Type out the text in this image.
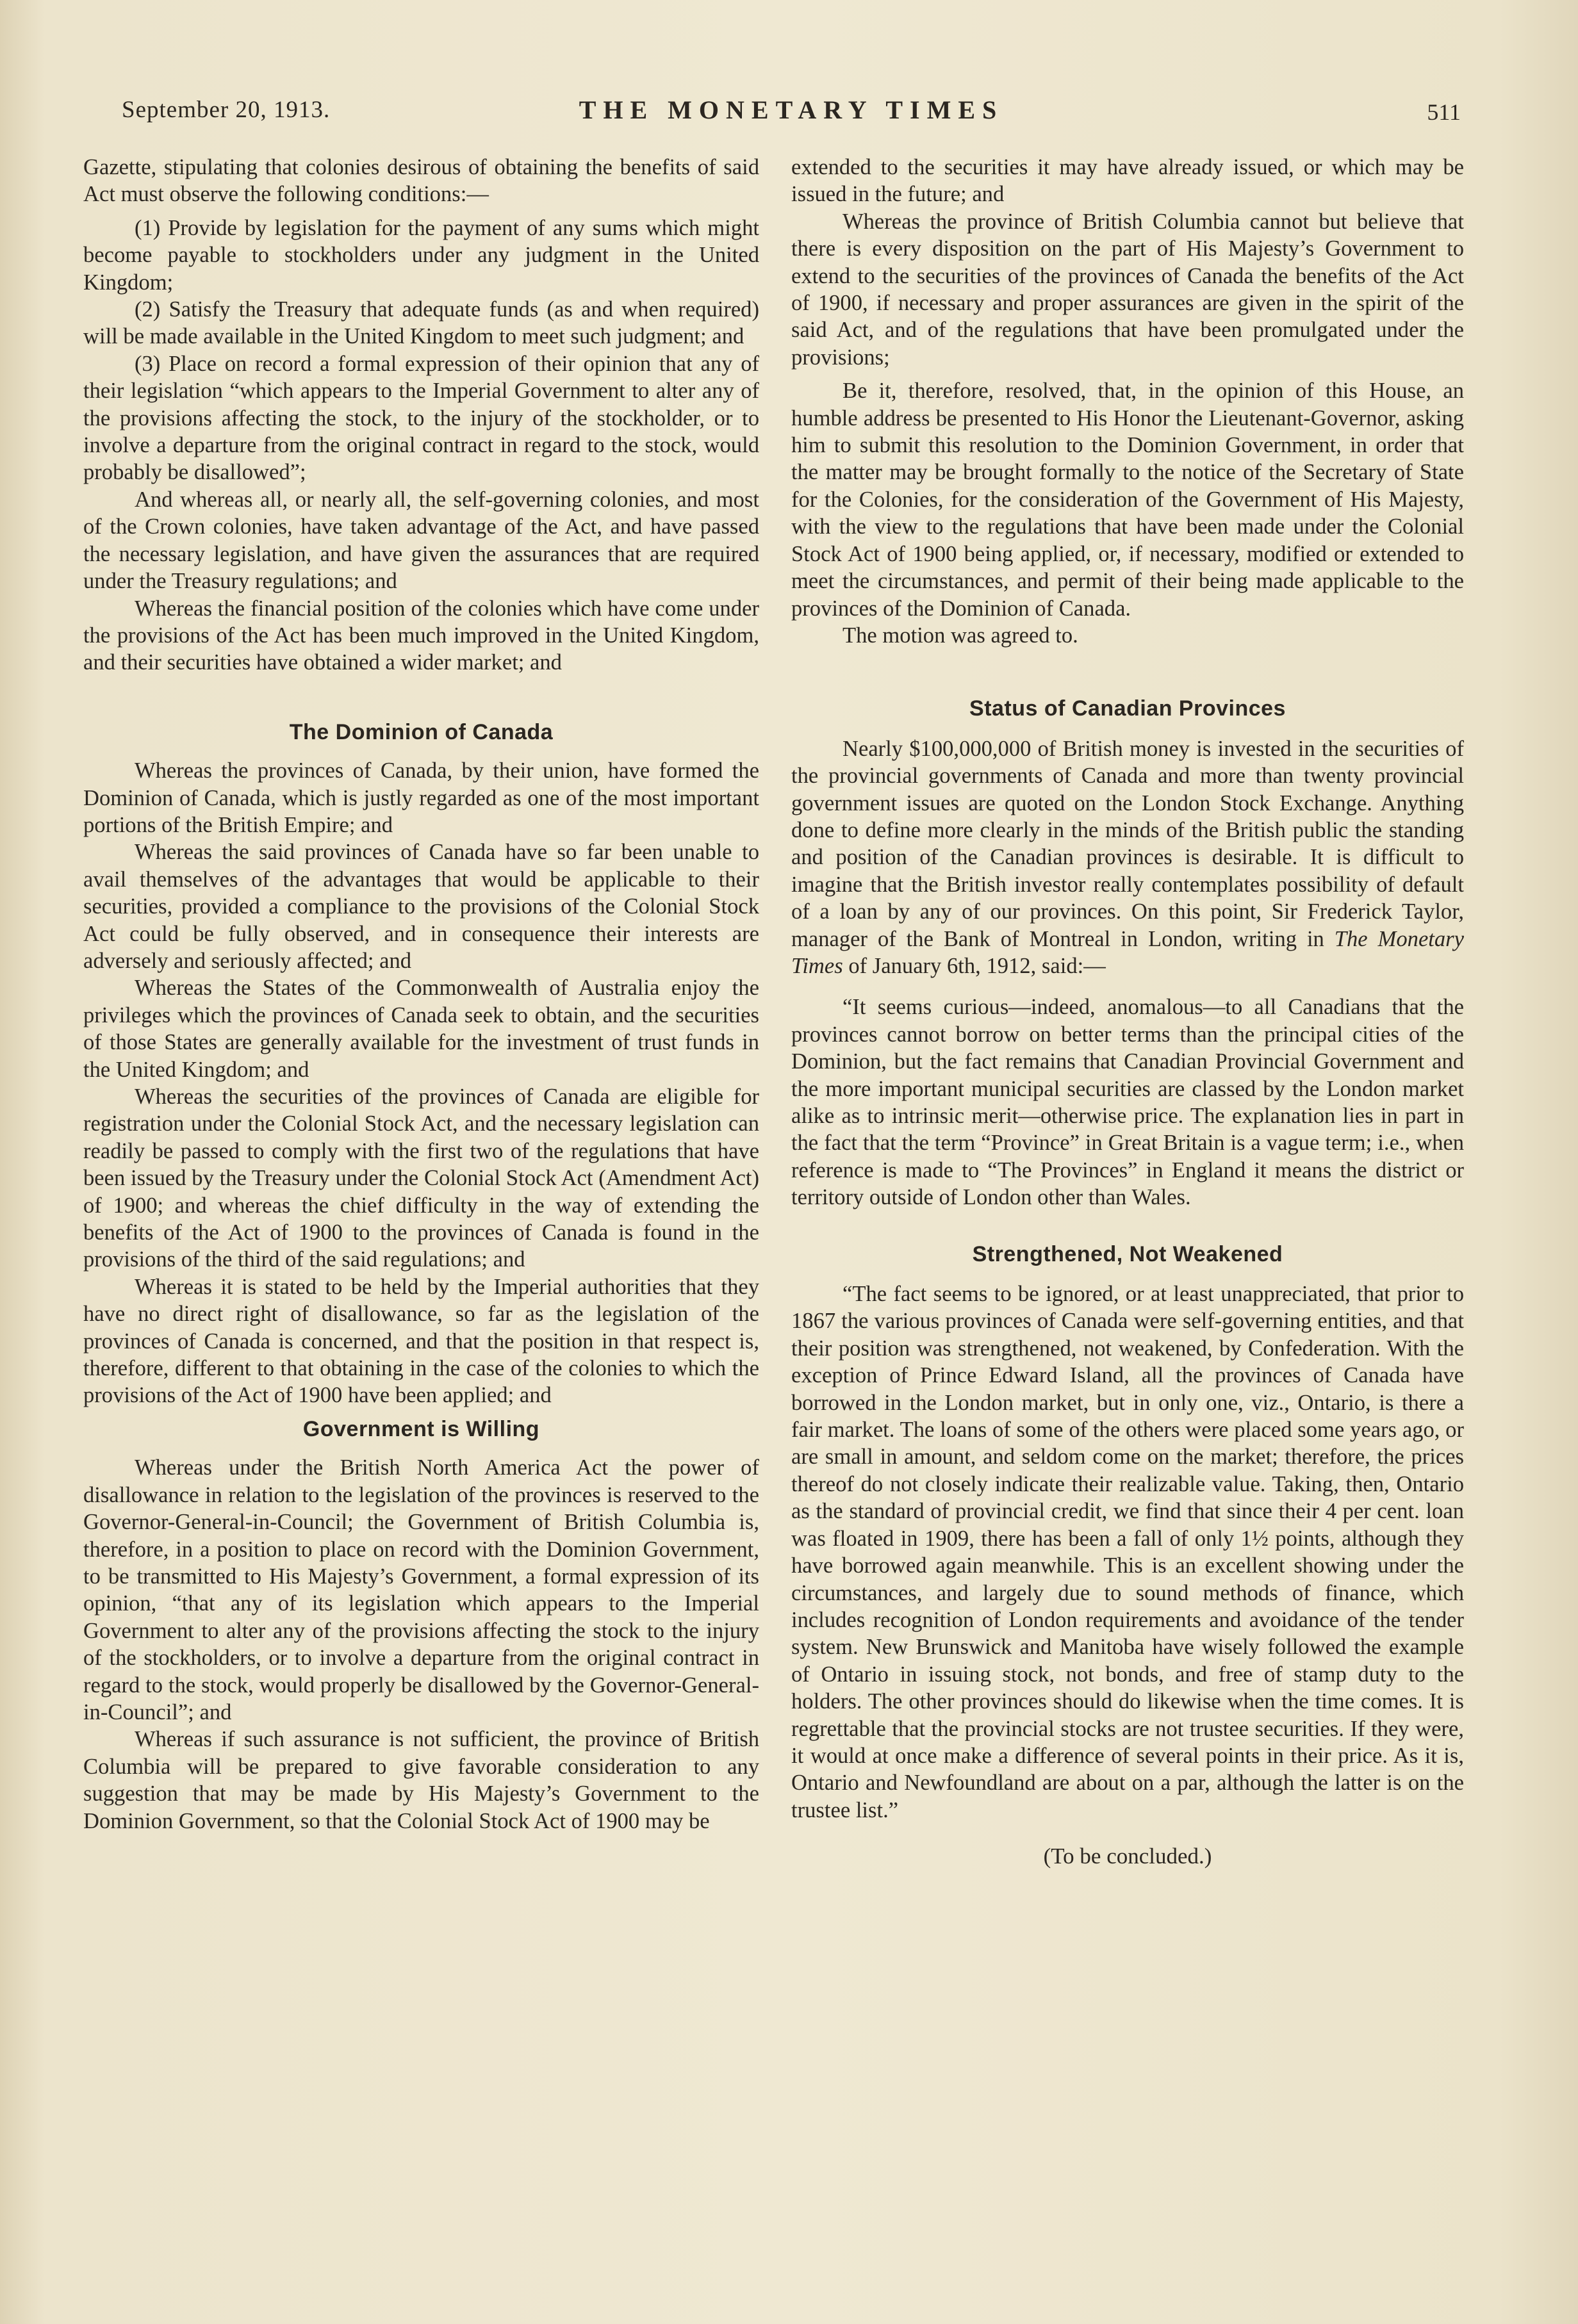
September 20, 1913.	THE MONETARY TIMES	511

Gazette, stipulating that colonies desirous of obtaining the benefits of said Act must observe the following conditions:—

(1) Provide by legislation for the payment of any sums which might become payable to stockholders under any judgment in the United Kingdom;

(2) Satisfy the Treasury that adequate funds (as and when required) will be made available in the United Kingdom to meet such judgment; and

(3) Place on record a formal expression of their opinion that any of their legislation “which appears to the Imperial Government to alter any of the provisions affecting the stock, to the injury of the stockholder, or to involve a departure from the original contract in regard to the stock, would probably be disallowed”;

And whereas all, or nearly all, the self-governing colonies, and most of the Crown colonies, have taken advantage of the Act, and have passed the necessary legislation, and have given the assurances that are required under the Treasury regulations; and

Whereas the financial position of the colonies which have come under the provisions of the Act has been much improved in the United Kingdom, and their securities have obtained a wider market; and

The Dominion of Canada

Whereas the provinces of Canada, by their union, have formed the Dominion of Canada, which is justly regarded as one of the most important portions of the British Empire; and

Whereas the said provinces of Canada have so far been unable to avail themselves of the advantages that would be applicable to their securities, provided a compliance to the provisions of the Colonial Stock Act could be fully observed, and in consequence their interests are adversely and seriously affected; and

Whereas the States of the Commonwealth of Australia enjoy the privileges which the provinces of Canada seek to obtain, and the securities of those States are generally available for the investment of trust funds in the United Kingdom; and

Whereas the securities of the provinces of Canada are eligible for registration under the Colonial Stock Act, and the necessary legislation can readily be passed to comply with the first two of the regulations that have been issued by the Treasury under the Colonial Stock Act (Amendment Act) of 1900; and whereas the chief difficulty in the way of extending the benefits of the Act of 1900 to the provinces of Canada is found in the provisions of the third of the said regulations; and

Whereas it is stated to be held by the Imperial authorities that they have no direct right of disallowance, so far as the legislation of the provinces of Canada is concerned, and that the position in that respect is, therefore, different to that obtaining in the case of the colonies to which the provisions of the Act of 1900 have been applied; and

Government is Willing

Whereas under the British North America Act the power of disallowance in relation to the legislation of the provinces is reserved to the Governor-General-in-Council; the Government of British Columbia is, therefore, in a position to place on record with the Dominion Government, to be transmitted to His Majesty’s Government, a formal expression of its opinion, “that any of its legislation which appears to the Imperial Government to alter any of the provisions affecting the stock to the injury of the stockholders, or to involve a departure from the original contract in regard to the stock, would properly be disallowed by the Governor-General-in-Council”; and

Whereas if such assurance is not sufficient, the province of British Columbia will be prepared to give favorable consideration to any suggestion that may be made by His Majesty’s Government to the Dominion Government, so that the Colonial Stock Act of 1900 may be

extended to the securities it may have already issued, or which may be issued in the future; and

Whereas the province of British Columbia cannot but believe that there is every disposition on the part of His Majesty’s Government to extend to the securities of the provinces of Canada the benefits of the Act of 1900, if necessary and proper assurances are given in the spirit of the said Act, and of the regulations that have been promulgated under the provisions;

Be it, therefore, resolved, that, in the opinion of this House, an humble address be presented to His Honor the Lieutenant-Governor, asking him to submit this resolution to the Dominion Government, in order that the matter may be brought formally to the notice of the Secretary of State for the Colonies, for the consideration of the Government of His Majesty, with the view to the regulations that have been made under the Colonial Stock Act of 1900 being applied, or, if necessary, modified or extended to meet the circumstances, and permit of their being made applicable to the provinces of the Dominion of Canada.

The motion was agreed to.

Status of Canadian Provinces

Nearly $100,000,000 of British money is invested in the securities of the provincial governments of Canada and more than twenty provincial government issues are quoted on the London Stock Exchange. Anything done to define more clearly in the minds of the British public the standing and position of the Canadian provinces is desirable. It is difficult to imagine that the British investor really contemplates possibility of default of a loan by any of our provinces. On this point, Sir Frederick Taylor, manager of the Bank of Montreal in London, writing in The Monetary Times of January 6th, 1912, said:—

“It seems curious—indeed, anomalous—to all Canadians that the provinces cannot borrow on better terms than the principal cities of the Dominion, but the fact remains that Canadian Provincial Government and the more important municipal securities are classed by the London market alike as to intrinsic merit—otherwise price. The explanation lies in part in the fact that the term “Province” in Great Britain is a vague term; i.e., when reference is made to “The Provinces” in England it means the district or territory outside of London other than Wales.

Strengthened, Not Weakened

“The fact seems to be ignored, or at least unappreciated, that prior to 1867 the various provinces of Canada were self-governing entities, and that their position was strengthened, not weakened, by Confederation. With the exception of Prince Edward Island, all the provinces of Canada have borrowed in the London market, but in only one, viz., Ontario, is there a fair market. The loans of some of the others were placed some years ago, or are small in amount, and seldom come on the market; therefore, the prices thereof do not closely indicate their realizable value. Taking, then, Ontario as the standard of provincial credit, we find that since their 4 per cent. loan was floated in 1909, there has been a fall of only 1½ points, although they have borrowed again meanwhile. This is an excellent showing under the circumstances, and largely due to sound methods of finance, which includes recognition of London requirements and avoidance of the tender system. New Brunswick and Manitoba have wisely followed the example of Ontario in issuing stock, not bonds, and free of stamp duty to the holders. The other provinces should do likewise when the time comes. It is regrettable that the provincial stocks are not trustee securities. If they were, it would at once make a difference of several points in their price. As it is, Ontario and Newfoundland are about on a par, although the latter is on the trustee list.”

(To be concluded.)
